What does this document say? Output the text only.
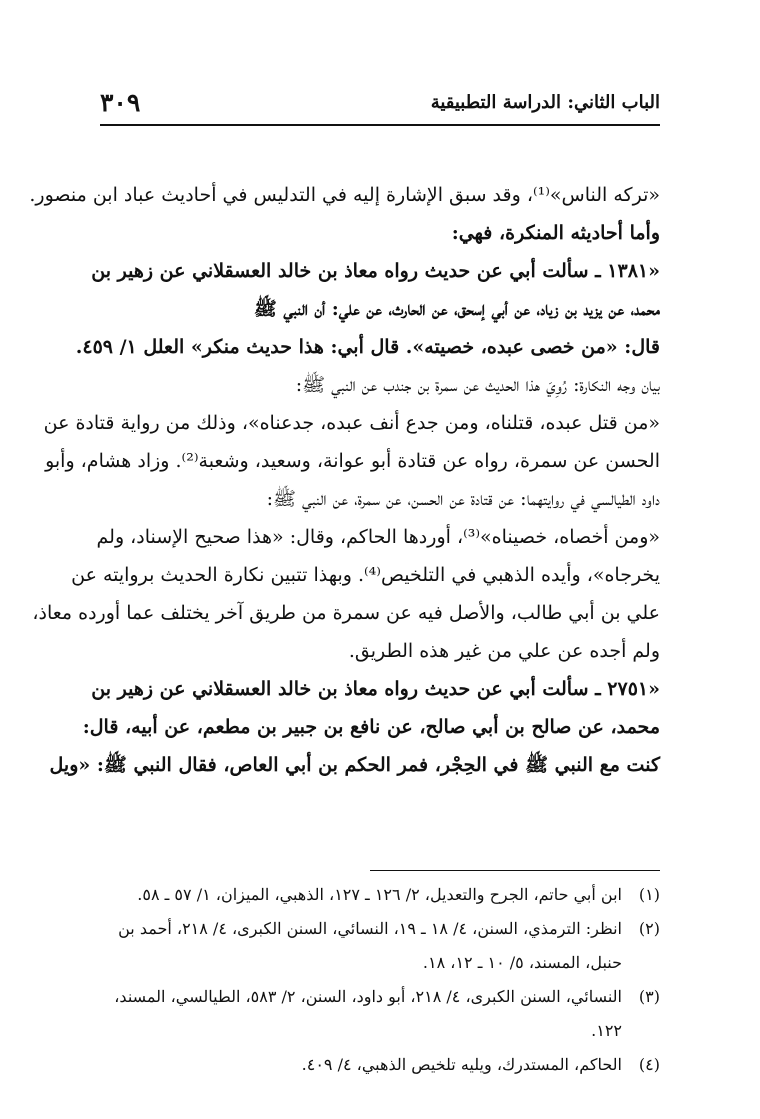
الباب الثاني: الدراسة التطبيقية
٣٠٩
«تركه الناس»⁽¹⁾، وقد سبق الإشارة إليه في التدليس في أحاديث عباد ابن منصور.
وأما أحاديثه المنكرة، فهي:
«١٣٨١ ـ سألت أبي عن حديث رواه معاذ بن خالد العسقلاني عن زهير بن
محمد، عن يزيد بن زياد، عن أبي إسحق، عن الحارث، عن علي: أن النبي ﷺ
قال: «من خصى عبده، خصيته». قال أبي: هذا حديث منكر» العلل ١/ ٤٥٩.
بيان وجه النكارة: رُوِيَ هذا الحديث عن سمرة بن جندب عن النبي ﷺ:
«من قتل عبده، قتلناه، ومن جدع أنف عبده، جدعناه»، وذلك من رواية قتادة عن
الحسن عن سمرة، رواه عن قتادة أبو عوانة، وسعيد، وشعبة⁽²⁾. وزاد هشام، وأبو
داود الطيالسي في روايتهما: عن قتادة عن الحسن، عن سمرة، عن النبي ﷺ:
«ومن أخصاه، خصيناه»⁽³⁾، أوردها الحاكم، وقال: «هذا صحيح الإسناد، ولم
يخرجاه»، وأيده الذهبي في التلخيص⁽⁴⁾. وبهذا تتبين نكارة الحديث بروايته عن
علي بن أبي طالب، والأصل فيه عن سمرة من طريق آخر يختلف عما أورده معاذ،
ولم أجده عن علي من غير هذه الطريق.
«٢٧٥١ ـ سألت أبي عن حديث رواه معاذ بن خالد العسقلاني عن زهير بن
محمد، عن صالح بن أبي صالح، عن نافع بن جبير بن مطعم، عن أبيه، قال:
كنت مع النبي ﷺ في الحِجْر، فمر الحكم بن أبي العاص، فقال النبي ﷺ: «ويل
(١)
ابن أبي حاتم، الجرح والتعديل، ٢/ ١٢٦ ـ ١٢٧، الذهبي، الميزان، ١/ ٥٧ ـ ٥٨.
(٢)
انظر: الترمذي، السنن، ٤/ ١٨ ـ ١٩، النسائي، السنن الكبرى، ٤/ ٢١٨، أحمد بن حنبل، المسند، ٥/ ١٠ ـ ١٢، ١٨.
(٣)
النسائي، السنن الكبرى، ٤/ ٢١٨، أبو داود، السنن، ٢/ ٥٨٣، الطيالسي، المسند، ١٢٢.
(٤)
الحاكم، المستدرك، ويليه تلخيص الذهبي، ٤/ ٤٠٩.
